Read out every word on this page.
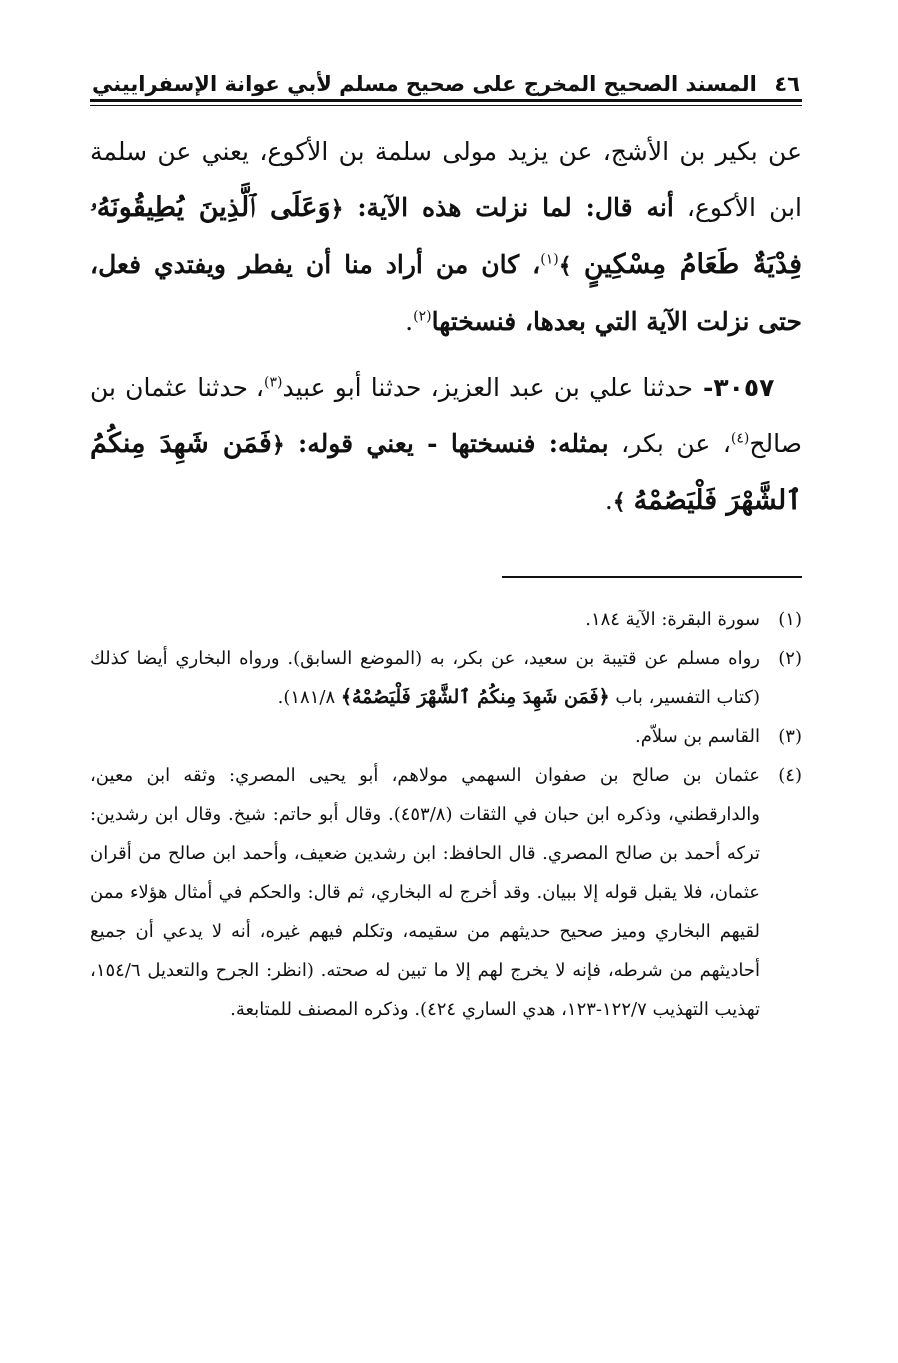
٤٦
المسند الصحيح المخرج على صحيح مسلم لأبي عوانة الإسفراييني

عن بكير بن الأشج، عن يزيد مولى سلمة بن الأكوع، يعني عن سلمة ابن الأكوع، أنه قال: لما نزلت هذه الآية: ﴿وَعَلَى ٱلَّذِينَ يُطِيقُونَهُۥ فِدْيَةٌ طَعَامُ مِسْكِينٍ ﴾$^{(١)}$، كان من أراد منا أن يفطر ويفتدي فعل، حتى نزلت الآية التي بعدها، فنسختها$^{(٢)}$.

٣٠٥٧- حدثنا علي بن عبد العزيز، حدثنا أبو عبيد$^{(٣)}$، حدثنا عثمان بن صالح$^{(٤)}$، عن بكر، بمثله: فنسختها - يعني قوله: ﴿فَمَن شَهِدَ مِنكُمُ ٱلشَّهْرَ فَلْيَصُمْهُ ﴾.

(١)
سورة البقرة: الآية ١٨٤.
(٢)
رواه مسلم عن قتيبة بن سعيد، عن بكر، به (الموضع السابق). ورواه البخاري أيضا كذلك (كتاب التفسير، باب ﴿فَمَن شَهِدَ مِنكُمُ ٱلشَّهْرَ فَلْيَصُمْهُ﴾ ١٨١/٨).
(٣)
القاسم بن سلاّم.
(٤)
عثمان بن صالح بن صفوان السهمي مولاهم، أبو يحيى المصري: وثقه ابن معين، والدارقطني، وذكره ابن حبان في الثقات (٤٥٣/٨). وقال أبو حاتم: شيخ. وقال ابن رشدين: تركه أحمد بن صالح المصري. قال الحافظ: ابن رشدين ضعيف، وأحمد ابن صالح من أقران عثمان، فلا يقبل قوله إلا ببيان. وقد أخرج له البخاري، ثم قال: والحكم في أمثال هؤلاء ممن لقيهم البخاري وميز صحيح حديثهم من سقيمه، وتكلم فيهم غيره، أنه لا يدعي أن جميع أحاديثهم من شرطه، فإنه لا يخرج لهم إلا ما تبين له صحته. (انظر: الجرح والتعديل ١٥٤/٦، تهذيب التهذيب ١٢٢/٧-١٢٣، هدي الساري ٤٢٤). وذكره المصنف للمتابعة.
